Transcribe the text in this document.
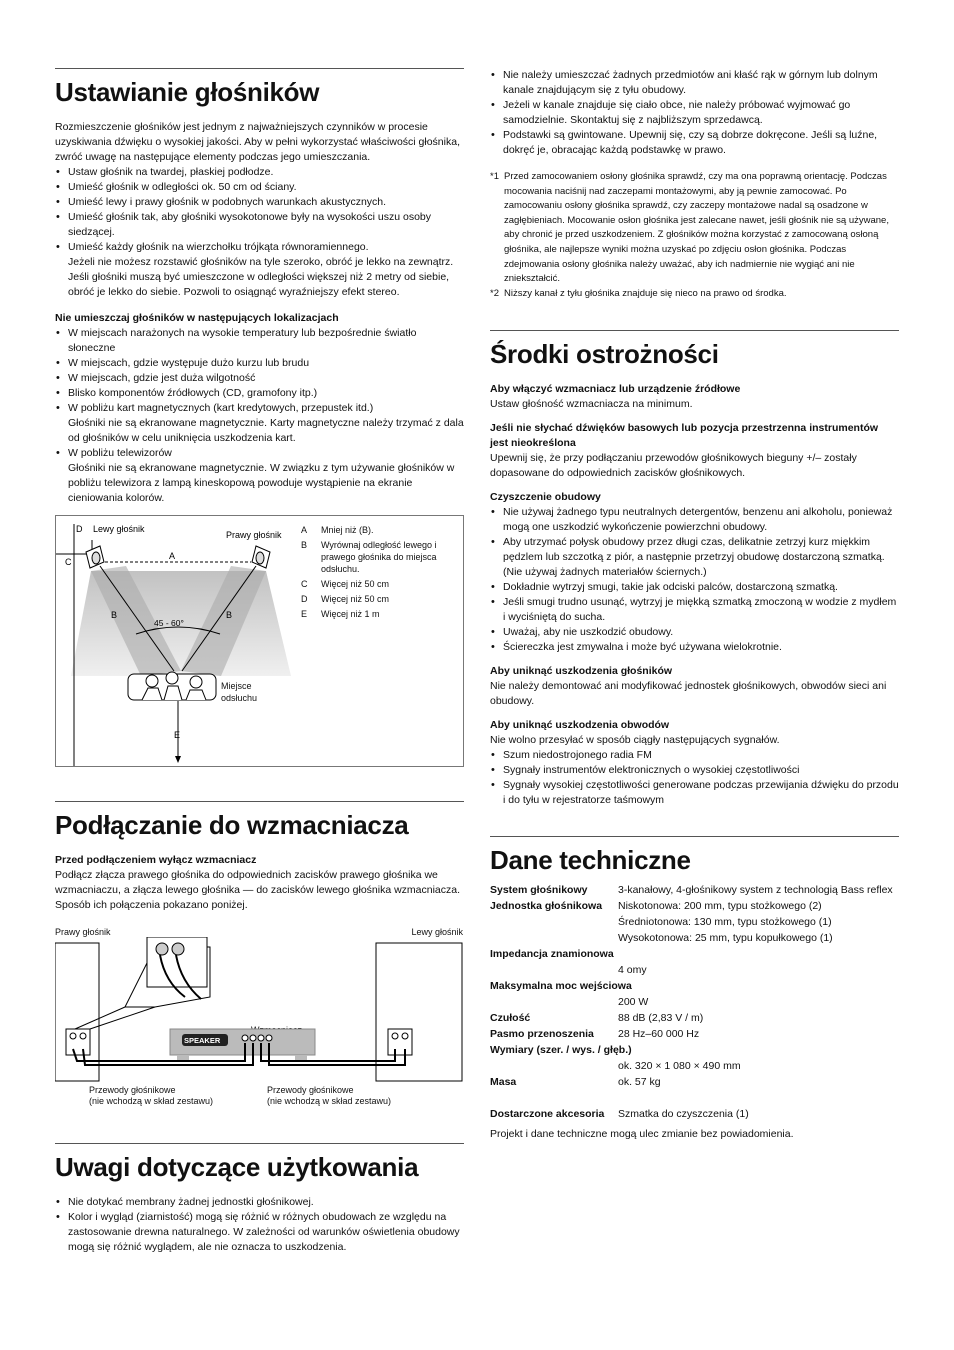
Ustawianie głośników

Rozmieszczenie głośników jest jednym z najważniejszych czynników w procesie uzyskiwania dźwięku o wysokiej jakości. Aby w pełni wykorzystać właściwości głośnika, zwróć uwagę na następujące elementy podczas jego umieszczania.

• Ustaw głośnik na twardej, płaskiej podłodze.
• Umieść głośnik w odległości ok. 50 cm od ściany.
• Umieść lewy i prawy głośnik w podobnych warunkach akustycznych.
• Umieść głośnik tak, aby głośniki wysokotonowe były na wysokości uszu osoby siedzącej.
• Umieść każdy głośnik na wierzchołku trójkąta równoramiennego.
Jeżeli nie możesz rozstawić głośników na tyle szeroko, obróć je lekko na zewnątrz. Jeśli głośniki muszą być umieszczone w odległości większej niż 2 metry od siebie, obróć je lekko do siebie. Pozwoli to osiągnąć wyraźniejszy efekt stereo.
Nie umieszczaj głośników w następujących lokalizacjach
• W miejscach narażonych na wysokie temperatury lub bezpośrednie światło słoneczne
• W miejscach, gdzie występuje dużo kurzu lub brudu
• W miejscach, gdzie jest duża wilgotność
• Blisko komponentów źródłowych (CD, gramofony itp.)
• W pobliżu kart magnetycznych (kart kredytowych, przepustek itd.)
Głośniki nie są ekranowane magnetycznie. Karty magnetyczne należy trzymać z dala od głośników w celu uniknięcia uszkodzenia kart.
• W pobliżu telewizorów
Głośniki nie są ekranowane magnetycznie. W związku z tym używanie głośników w pobliżu telewizora z lampą kineskopową powoduje wystąpienie na ekranie cieniowania kolorów.
D
C
A
B	B
E
Lewy głośnik
Prawy głośnik
45 - 60°
Miejsce odsłuchu
A	Mniej niż (B).
B	Wyrównaj odległość lewego i prawego głośnika do miejsca odsłuchu.
C	Więcej niż 50 cm
D	Więcej niż 50 cm
E	Więcej niż 1 m
Podłączanie do wzmacniacza
Przed podłączeniem wyłącz wzmacniacz

Podłącz złącza prawego głośnika do odpowiednich zacisków prawego głośnika we wzmacniaczu, a złącza lewego głośnika — do zacisków lewego głośnika wzmacniacza.

Sposób ich połączenia pokazano poniżej.

Prawy głośnik	Lewy głośnik
SPEAKER
Przewody głośnikowe
(nie wchodzą w skład zestawu)
Przewody głośnikowe
(nie wchodzą w skład zestawu)
Uwagi dotyczące użytkowania
• Nie dotykać membrany żadnej jednostki głośnikowej.
• Kolor i wygląd (ziarnistość) mogą się różnić w różnych obudowach ze względu na zastosowanie drewna naturalnego. W zależności od warunków oświetlenia obudowy mogą się różnić wyglądem, ale nie oznacza to uszkodzenia.
• Nie należy umieszczać żadnych przedmiotów ani kłaść rąk w górnym lub dolnym kanale znajdującym się z tyłu obudowy.
• Jeżeli w kanale znajduje się ciało obce, nie należy próbować wyjmować go samodzielnie. Skontaktuj się z najbliższym sprzedawcą.
• Podstawki są gwintowane. Upewnij się, czy są dobrze dokręcone. Jeśli są luźne, dokręć je, obracając każdą podstawkę w prawo.
*1 Przed zamocowaniem osłony głośnika sprawdź, czy ma ona poprawną orientację. Podczas mocowania naciśnij nad zaczepami montażowymi, aby ją pewnie zamocować. Po zamocowaniu osłony głośnika sprawdź, czy zaczepy montażowe nadal są osadzone w zagłębieniach. Mocowanie osłon głośnika jest zalecane nawet, jeśli głośnik nie są używane, aby chronić je przed uszkodzeniem. Z głośników można korzystać z zamocowaną osłoną głośnika, ale najlepsze wyniki można uzyskać po zdjęciu osłon głośnika. Podczas zdejmowania osłony głośnika należy uważać, aby ich nadmiernie nie wygiąć ani nie zniekształcić.
*2 Niższy kanał z tyłu głośnika znajduje się nieco na prawo od środka.
Środki ostrożności
Aby włączyć wzmacniacz lub urządzenie źródłowe

Ustaw głośność wzmacniacza na minimum.

Jeśli nie słychać dźwięków basowych lub pozycja przestrzenna instrumentów jest nieokreślona

Upewnij się, że przy podłączaniu przewodów głośnikowych bieguny +/– zostały dopasowane do odpowiednich zacisków głośnikowych.

Czyszczenie obudowy
• Nie używaj żadnego typu neutralnych detergentów, benzenu ani alkoholu, ponieważ mogą one uszkodzić wykończenie powierzchni obudowy.
• Aby utrzymać połysk obudowy przez długi czas, delikatnie zetrzyj kurz miękkim pędzlem lub szczotką z piór, a następnie przetrzyj obudowę dostarczoną szmatką. (Nie używaj żadnych materiałów ściernych.)
• Dokładnie wytrzyj smugi, takie jak odciski palców, dostarczoną szmatką.
• Jeśli smugi trudno usunąć, wytrzyj je miękką szmatką zmoczoną w wodzie z mydłem i wyciśniętą do sucha.
• Uważaj, aby nie uszkodzić obudowy.
• Ściereczka jest zmywalna i może być używana wielokrotnie.
Aby uniknąć uszkodzenia głośników

Nie należy demontować ani modyfikować jednostek głośnikowych, obwodów sieci ani obudowy.

Aby uniknąć uszkodzenia obwodów

Nie wolno przesyłać w sposób ciągły następujących sygnałów.

• Szum niedostrojonego radia FM
• Sygnały instrumentów elektronicznych o wysokiej częstotliwości
• Sygnały wysokiej częstotliwości generowane podczas przewijania dźwięku do przodu i do tyłu w rejestratorze taśmowym
Dane techniczne
System głośnikowy	3-kanałowy, 4-głośnikowy system z technologią Bass reflex
Jednostka głośnikowa	Niskotonowa: 200 mm, typu stożkowego (2)
Średniotonowa: 130 mm, typu stożkowego (1)
Wysokotonowa: 25 mm, typu kopułkowego (1)
Impedancja znamionowa
4 omy
Maksymalna moc wejściowa
200 W
Czułość	88 dB (2,83 V / m)
Pasmo przenoszenia	28 Hz–60 000 Hz
Wymiary (szer. / wys. / głęb.)
ok. 320 × 1 080 × 490 mm
Masa	ok. 57 kg
Dostarczone akcesoria	Szmatka do czyszczenia (1)

Projekt i dane techniczne mogą ulec zmianie bez powiadomienia.
